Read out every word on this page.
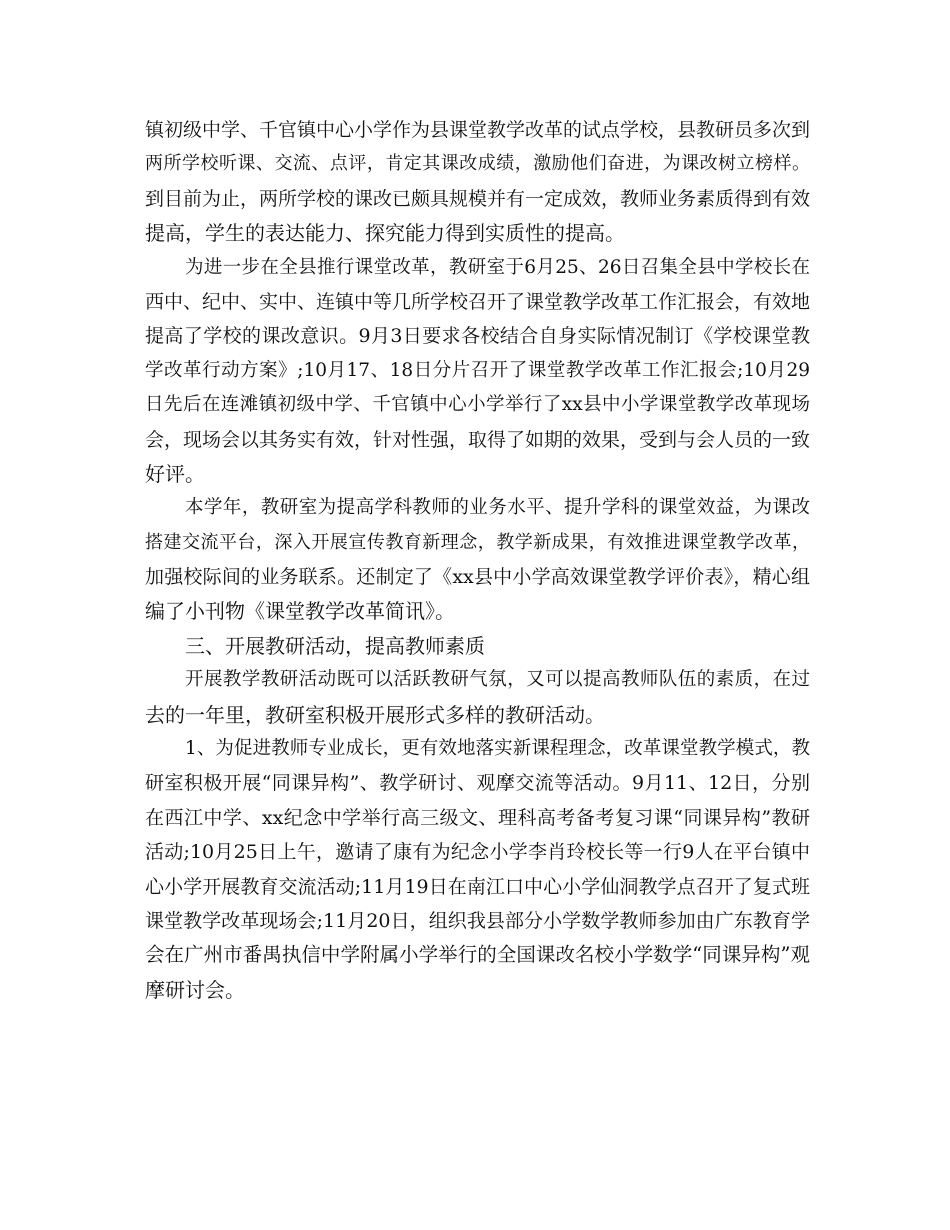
镇初级中学、千官镇中心小学作为县课堂教学改革的试点学校，县教研员多次到
两所学校听课、交流、点评，肯定其课改成绩，激励他们奋进，为课改树立榜样。
到目前为止，两所学校的课改已颇具规模并有一定成效，教师业务素质得到有效
提高，学生的表达能力、探究能力得到实质性的提高。
为进一步在全县推行课堂改革，教研室于6月25、26日召集全县中学校长在
西中、纪中、实中、连镇中等几所学校召开了课堂教学改革工作汇报会，有效地
提高了学校的课改意识。9月3日要求各校结合自身实际情况制订《学校课堂教
学改革行动方案》;10月17、18日分片召开了课堂教学改革工作汇报会;10月29
日先后在连滩镇初级中学、千官镇中心小学举行了xx县中小学课堂教学改革现场
会，现场会以其务实有效，针对性强，取得了如期的效果，受到与会人员的一致
好评。
本学年，教研室为提高学科教师的业务水平、提升学科的课堂效益，为课改
搭建交流平台，深入开展宣传教育新理念，教学新成果，有效推进课堂教学改革，
加强校际间的业务联系。还制定了《xx县中小学高效课堂教学评价表》，精心组
编了小刊物《课堂教学改革简讯》。
三、开展教研活动，提高教师素质
开展教学教研活动既可以活跃教研气氛，又可以提高教师队伍的素质，在过
去的一年里，教研室积极开展形式多样的教研活动。
1、为促进教师专业成长，更有效地落实新课程理念，改革课堂教学模式，教
研室积极开展“同课异构”、教学研讨、观摩交流等活动。9月11、12日，分别
在西江中学、xx纪念中学举行高三级文、理科高考备考复习课“同课异构”教研
活动;10月25日上午，邀请了康有为纪念小学李肖玲校长等一行9人在平台镇中
心小学开展教育交流活动;11月19日在南江口中心小学仙洞教学点召开了复式班
课堂教学改革现场会;11月20日，组织我县部分小学数学教师参加由广东教育学
会在广州市番禺执信中学附属小学举行的全国课改名校小学数学“同课异构”观
摩研讨会。
